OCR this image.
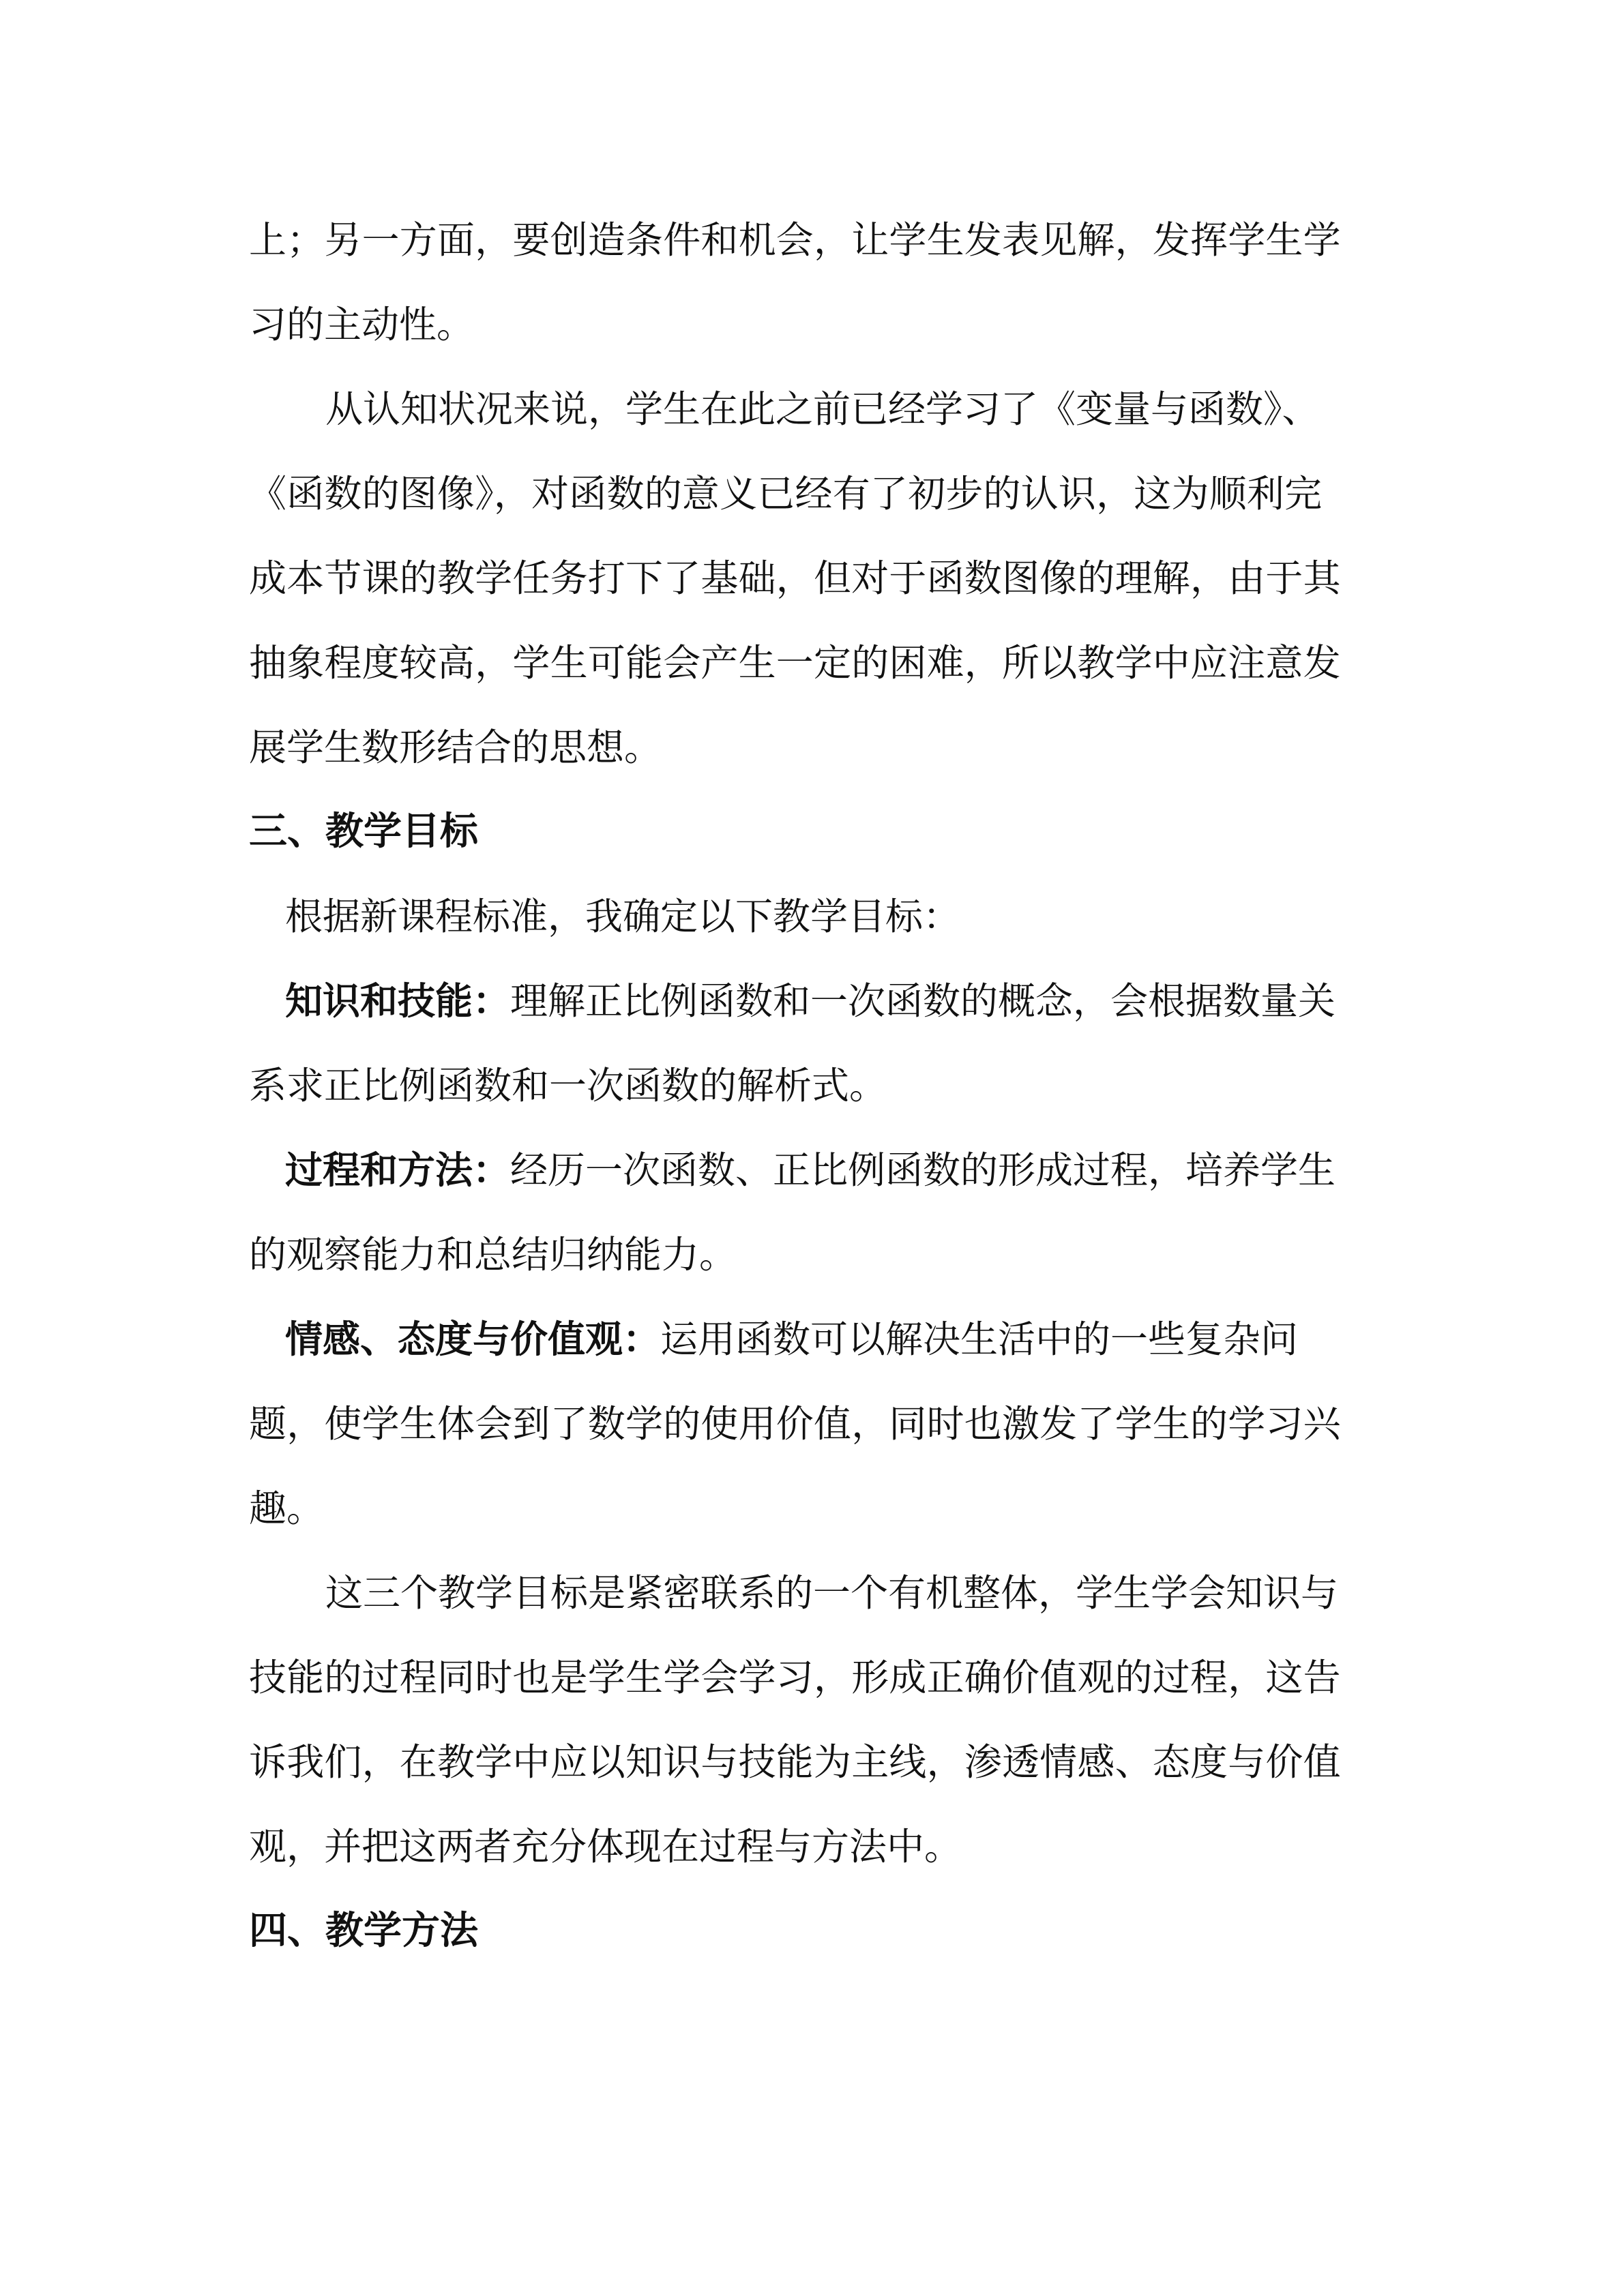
上；另一方面，要创造条件和机会，让学生发表见解，发挥学生学
习的主动性。
从认知状况来说，学生在此之前已经学习了《变量与函数》、
《函数的图像》，对函数的意义已经有了初步的认识，这为顺利完
成本节课的教学任务打下了基础，但对于函数图像的理解，由于其
抽象程度较高，学生可能会产生一定的困难，所以教学中应注意发
展学生数形结合的思想。
三、教学目标
根据新课程标准，我确定以下教学目标：
知识和技能：理解正比例函数和一次函数的概念，会根据数量关
系求正比例函数和一次函数的解析式。
过程和方法：经历一次函数、正比例函数的形成过程，培养学生
的观察能力和总结归纳能力。
情感、态度与价值观：运用函数可以解决生活中的一些复杂问
题，使学生体会到了数学的使用价值，同时也激发了学生的学习兴
趣。
这三个教学目标是紧密联系的一个有机整体，学生学会知识与
技能的过程同时也是学生学会学习，形成正确价值观的过程，这告
诉我们，在教学中应以知识与技能为主线，渗透情感、态度与价值
观，并把这两者充分体现在过程与方法中。
四、教学方法
